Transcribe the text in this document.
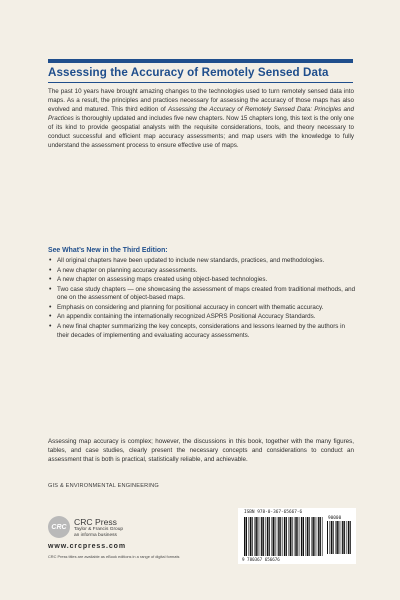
Assessing the Accuracy of Remotely Sensed Data

The past 10 years have brought amazing changes to the technologies used to turn remotely sensed data into maps. As a result, the principles and practices necessary for assessing the accuracy of those maps has also evolved and matured. This third edition of Assessing the Accuracy of Remotely Sensed Data: Principles and Practices is thoroughly updated and includes five new chapters. Now 15 chapters long, this text is the only one of its kind to provide geospatial analysts with the requisite considerations, tools, and theory necessary to conduct successful and efficient map accuracy assessments; and map users with the knowledge to fully understand the assessment process to ensure effective use of maps.

See What’s New in the Third Edition:
• All original chapters have been updated to include new standards, practices, and methodologies.
• A new chapter on planning accuracy assessments.
• A new chapter on assessing maps created using object-based technologies.
• Two case study chapters — one showcasing the assessment of maps created from traditional methods, and one on the assessment of object-based maps.
• Emphasis on considering and planning for positional accuracy in concert with thematic accuracy.
• An appendix containing the internationally recognized ASPRS Positional Accuracy Standards.
• A new final chapter summarizing the key concepts, considerations and lessons learned by the authors in their decades of implementing and evaluating accuracy assessments.

Assessing map accuracy is complex; however, the discussions in this book, together with the many figures, tables, and case studies, clearly present the necessary concepts and considerations to conduct an assessment that is both is practical, statistically reliable, and achievable.

GIS & ENVIRONMENTAL ENGINEERING
CRC CRC Press
Taylor & Francis Group
an informa business
www.crcpress.com
CRC Press titles are available as eBook editions in a range of digital formats
ISBN 978-0-367-65667-6
90000
9 780367 656676
